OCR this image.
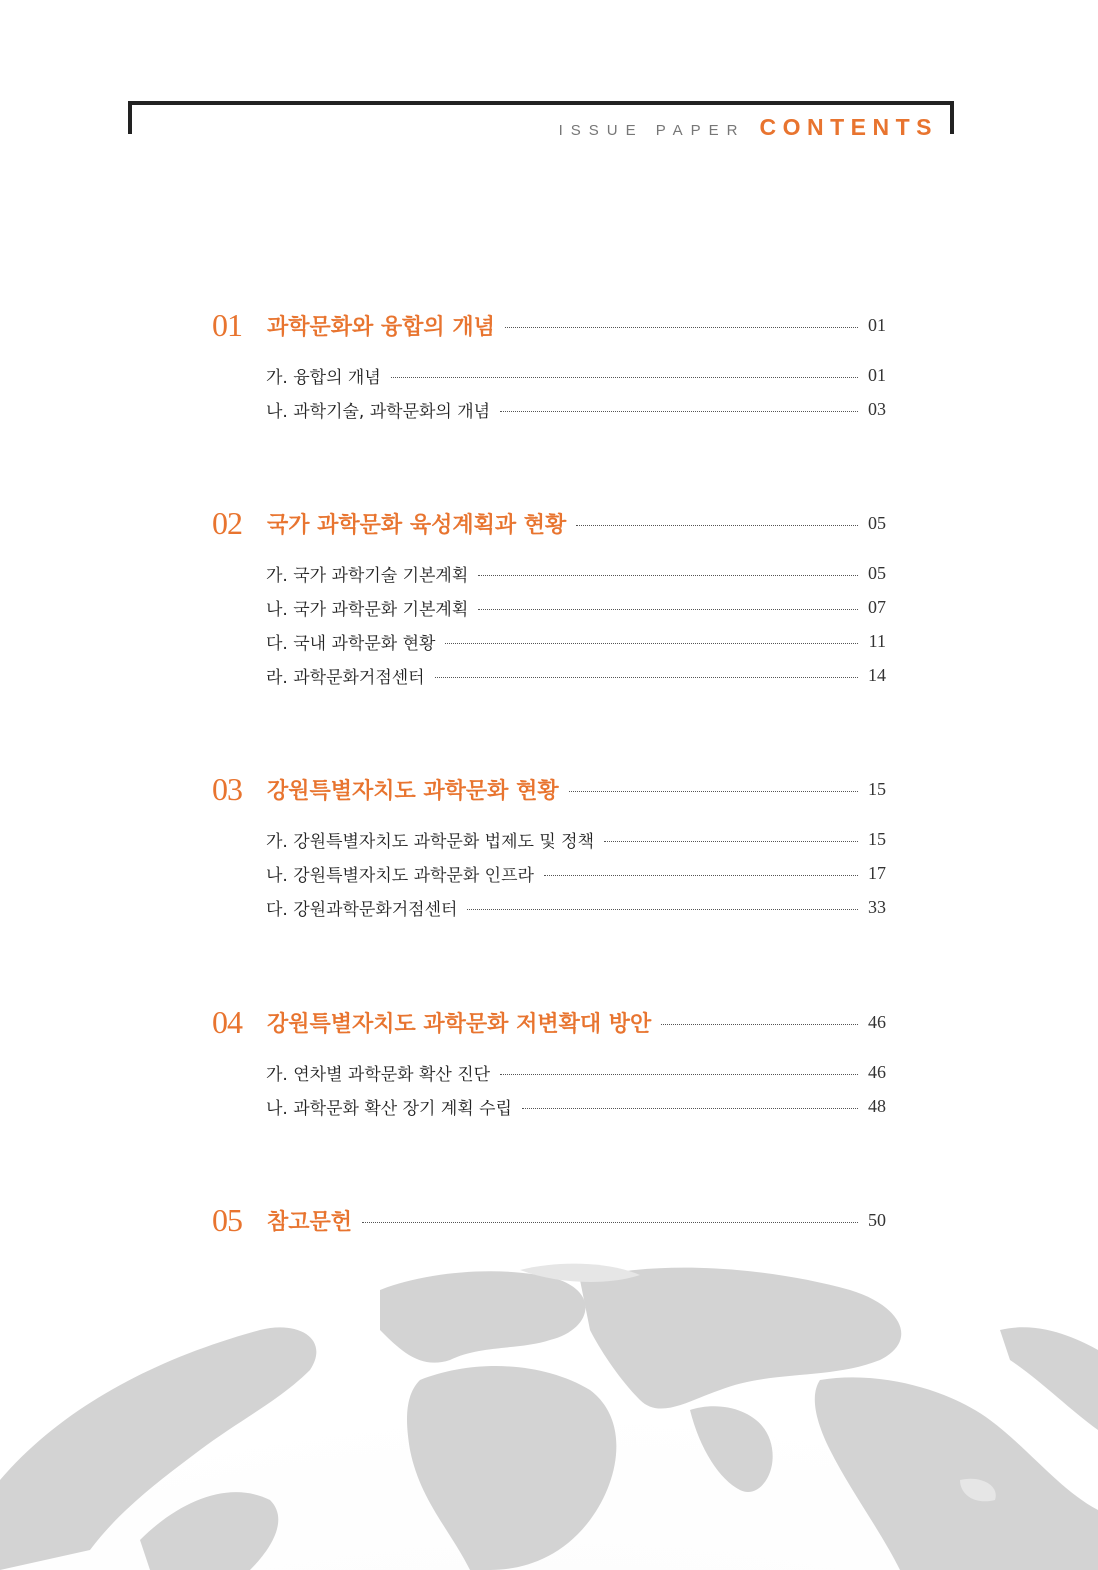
ISSUE PAPER CONTENTS
01	과학문화와 융합의 개념	01
가. 융합의 개념	01
나. 과학기술, 과학문화의 개념	03
02	국가 과학문화 육성계획과 현황	05
가. 국가 과학기술 기본계획	05
나. 국가 과학문화 기본계획	07
다. 국내 과학문화 현황	11
라. 과학문화거점센터	14
03	강원특별자치도 과학문화 현황	15
가. 강원특별자치도 과학문화 법제도 및 정책	15
나. 강원특별자치도 과학문화 인프라	17
다. 강원과학문화거점센터	33
04	강원특별자치도 과학문화 저변확대 방안	46
가. 연차별 과학문화 확산 진단	46
나. 과학문화 확산 장기 계획 수립	48
05	참고문헌	50
